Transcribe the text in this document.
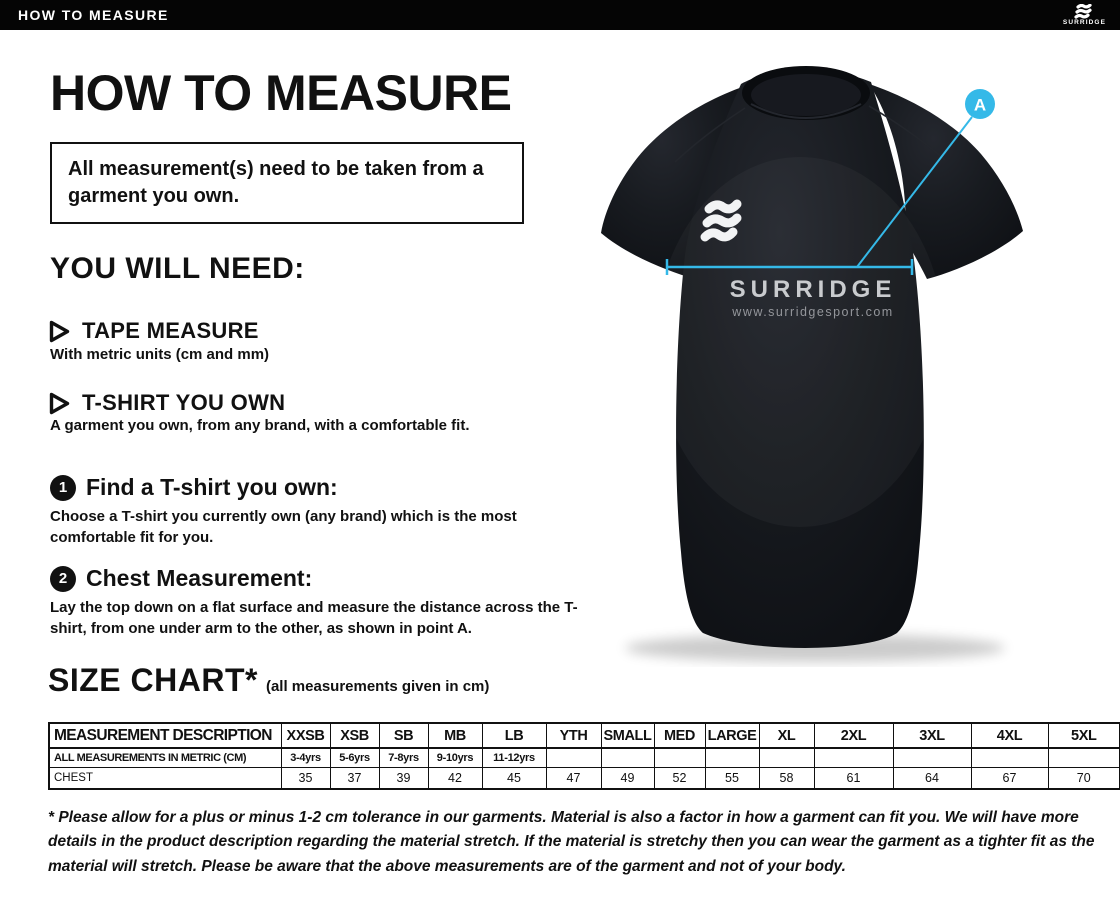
HOW TO MEASURE	SURRIDGE
HOW TO MEASURE

All measurement(s) need to be taken from a garment you own.

YOU WILL NEED:
TAPE MEASURE
With metric units (cm and mm)
T-SHIRT YOU OWN
A garment you own, from any brand, with a comfortable fit.
1 Find a T-shirt you own:
Choose a T-shirt you currently own (any brand) which is the most comfortable fit for you.
2 Chest Measurement:
Lay the top down on a flat surface and measure the distance across the T-shirt, from one under arm to the other, as shown in point A.
SIZE CHART* (all measurements given in cm)
MEASUREMENT DESCRIPTION	XXSB	XSB	SB	MB	LB	YTH	SMALL	MED	LARGE	XL	2XL	3XL	4XL	5XL
ALL MEASUREMENTS IN METRIC (CM)	3-4yrs	5-6yrs	7-8yrs	9-10yrs	11-12yrs									
CHEST	35	37	39	42	45	47	49	52	55	58	61	64	67	70
* Please allow for a plus or minus 1-2 cm tolerance in our garments. Material is also a factor in how a garment can fit you. We will have more details in the product description regarding the material stretch. If the material is stretchy then you can wear the garment as a tighter fit as the material will stretch. Please be aware that the above measurements are of the garment and not of your body.
A
SURRIDGE
www.surridgesport.com
